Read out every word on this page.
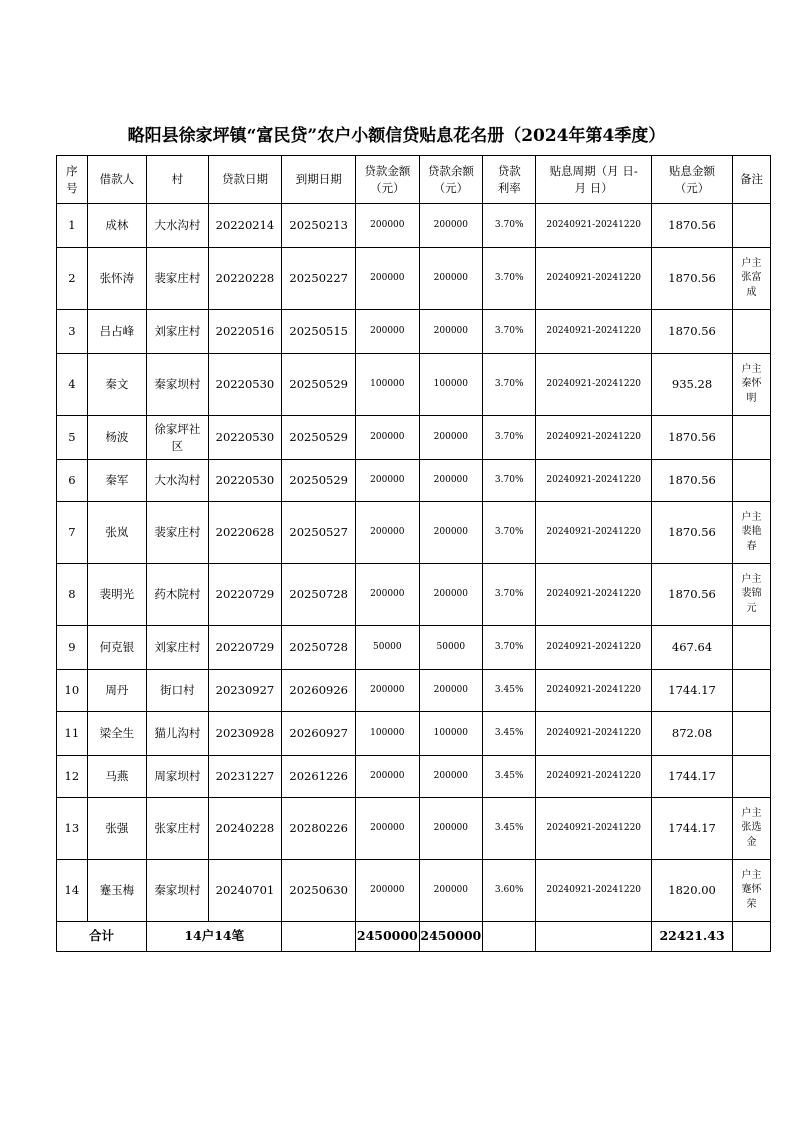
略阳县徐家坪镇“富民贷”农户小额信贷贴息花名册（2024年第4季度）
序号	借款人	村	贷款日期	到期日期	贷款金额（元）	贷款余额（元）	贷款利率	贴息周期（月 日-月 日）	贴息金额（元）	备注
1	成林	大水沟村	20220214	20250213	200000	200000	3.70%	20240921-20241220	1870.56	
2	张怀涛	裴家庄村	20220228	20250227	200000	200000	3.70%	20240921-20241220	1870.56	户主张富成
3	吕占峰	刘家庄村	20220516	20250515	200000	200000	3.70%	20240921-20241220	1870.56	
4	秦文	秦家坝村	20220530	20250529	100000	100000	3.70%	20240921-20241220	935.28	户主秦怀明
5	杨波	徐家坪社区	20220530	20250529	200000	200000	3.70%	20240921-20241220	1870.56	
6	秦军	大水沟村	20220530	20250529	200000	200000	3.70%	20240921-20241220	1870.56	
7	张岚	裴家庄村	20220628	20250527	200000	200000	3.70%	20240921-20241220	1870.56	户主裴艳春
8	裴明光	药木院村	20220729	20250728	200000	200000	3.70%	20240921-20241220	1870.56	户主裴锦元
9	何克银	刘家庄村	20220729	20250728	50000	50000	3.70%	20240921-20241220	467.64	
10	周丹	街口村	20230927	20260926	200000	200000	3.45%	20240921-20241220	1744.17	
11	梁全生	猫儿沟村	20230928	20260927	100000	100000	3.45%	20240921-20241220	872.08	
12	马燕	周家坝村	20231227	20261226	200000	200000	3.45%	20240921-20241220	1744.17	
13	张强	张家庄村	20240228	20280226	200000	200000	3.45%	20240921-20241220	1744.17	户主张选金
14	蹇玉梅	秦家坝村	20240701	20250630	200000	200000	3.60%	20240921-20241220	1820.00	户主蹇怀荣
合计		14户14笔			2450000	2450000			22421.43	
